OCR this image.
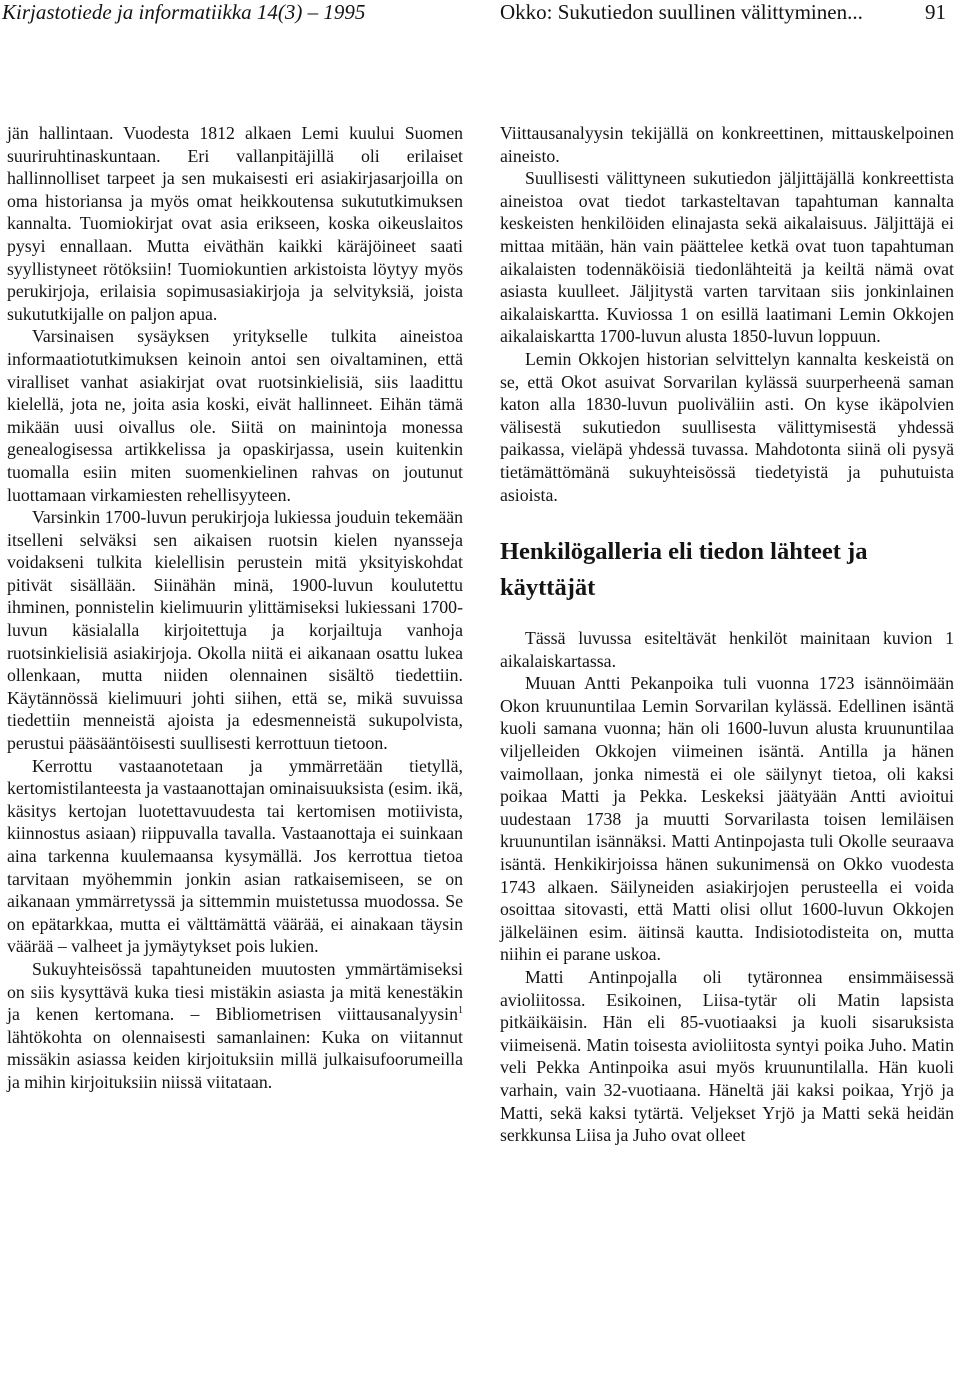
Kirjastotiede ja informatiikka 14(3) – 1995	Okko: Sukutiedon suullinen välittyminen...	91

jän hallintaan. Vuodesta 1812 alkaen Lemi kuului Suomen suuriruhtinaskuntaan. Eri vallanpitäjillä oli erilaiset hallinnolliset tarpeet ja sen mukaisesti eri asiakirjasarjoilla on oma historiansa ja myös omat heikkoutensa sukututkimuksen kannalta. Tuomiokirjat ovat asia erikseen, koska oikeuslaitos pysyi ennallaan. Mutta eiväthän kaikki käräjöineet saati syyllistyneet rötöksiin! Tuomiokuntien arkistoista löytyy myös perukirjoja, erilaisia sopimusasiakirjoja ja selvityksiä, joista sukututkijalle on paljon apua.

Varsinaisen sysäyksen yritykselle tulkita aineistoa informaatiotutkimuksen keinoin antoi sen oivaltaminen, että viralliset vanhat asiakirjat ovat ruotsinkielisiä, siis laadittu kielellä, jota ne, joita asia koski, eivät hallinneet. Eihän tämä mikään uusi oivallus ole. Siitä on mainintoja monessa genealogisessa artikkelissa ja opaskirjassa, usein kuitenkin tuomalla esiin miten suomenkielinen rahvas on joutunut luottamaan virkamiesten rehellisyyteen.

Varsinkin 1700-luvun perukirjoja lukiessa jouduin tekemään itselleni selväksi sen aikaisen ruotsin kielen nyansseja voidakseni tulkita kielellisin perustein mitä yksityiskohdat pitivät sisällään. Siinähän minä, 1900-luvun koulutettu ihminen, ponnistelin kielimuurin ylittämiseksi lukiessani 1700-luvun käsialalla kirjoitettuja ja korjailtuja vanhoja ruotsinkielisiä asiakirjoja. Okolla niitä ei aikanaan osattu lukea ollenkaan, mutta niiden olennainen sisältö tiedettiin. Käytännössä kielimuuri johti siihen, että se, mikä suvuissa tiedettiin menneistä ajoista ja edesmenneistä sukupolvista, perustui pääsääntöisesti suullisesti kerrottuun tietoon.

Kerrottu vastaanotetaan ja ymmärretään tietyllä, kertomistilanteesta ja vastaanottajan ominaisuuksista (esim. ikä, käsitys kertojan luotettavuudesta tai kertomisen motiivista, kiinnostus asiaan) riippuvalla tavalla. Vastaanottaja ei suinkaan aina tarkenna kuulemaansa kysymällä. Jos kerrottua tietoa tarvitaan myöhemmin jonkin asian ratkaisemiseen, se on aikanaan ymmärretyssä ja sittemmin muistetussa muodossa. Se on epätarkkaa, mutta ei välttämättä väärää, ei ainakaan täysin väärää – valheet ja jymäytykset pois lukien.

Sukuyhteisössä tapahtuneiden muutosten ymmärtämiseksi on siis kysyttävä kuka tiesi mistäkin asiasta ja mitä kenestäkin ja kenen kertomana. – Bibliometrisen viittausanalyysin$^1$ lähtökohta on olennaisesti samanlainen: Kuka on viitannut missäkin asiassa keiden kirjoituksiin millä julkaisufoorumeilla ja mihin kirjoituksiin niissä viitataan.

Viittausanalyysin tekijällä on konkreettinen, mittauskelpoinen aineisto.

Suullisesti välittyneen sukutiedon jäljittäjällä konkreettista aineistoa ovat tiedot tarkasteltavan tapahtuman kannalta keskeisten henkilöiden elinajasta sekä aikalaisuus. Jäljittäjä ei mittaa mitään, hän vain päättelee ketkä ovat tuon tapahtuman aikalaisten todennäköisiä tiedonlähteitä ja keiltä nämä ovat asiasta kuulleet. Jäljitystä varten tarvitaan siis jonkinlainen aikalaiskartta. Kuviossa 1 on esillä laatimani Lemin Okkojen aikalaiskartta 1700-luvun alusta 1850-luvun loppuun.

Lemin Okkojen historian selvittelyn kannalta keskeistä on se, että Okot asuivat Sorvarilan kylässä suurperheenä saman katon alla 1830-luvun puoliväliin asti. On kyse ikäpolvien välisestä sukutiedon suullisesta välittymisestä yhdessä paikassa, vieläpä yhdessä tuvassa. Mahdotonta siinä oli pysyä tietämättömänä sukuyhteisössä tiedetyistä ja puhutuista asioista.

Henkilögalleria eli tiedon lähteet ja käyttäjät

Tässä luvussa esiteltävät henkilöt mainitaan kuvion 1 aikalaiskartassa.

Muuan Antti Pekanpoika tuli vuonna 1723 isännöimään Okon kruununtilaa Lemin Sorvarilan kylässä. Edellinen isäntä kuoli samana vuonna; hän oli 1600-luvun alusta kruununtilaa viljelleiden Okkojen viimeinen isäntä. Antilla ja hänen vaimollaan, jonka nimestä ei ole säilynyt tietoa, oli kaksi poikaa Matti ja Pekka. Leskeksi jäätyään Antti avioitui uudestaan 1738 ja muutti Sorvarilasta toisen lemiläisen kruununtilan isännäksi. Matti Antinpojasta tuli Okolle seuraava isäntä. Henkikirjoissa hänen sukunimensä on Okko vuodesta 1743 alkaen. Säilyneiden asiakirjojen perusteella ei voida osoittaa sitovasti, että Matti olisi ollut 1600-luvun Okkojen jälkeläinen esim. äitinsä kautta. Indisiotodisteita on, mutta niihin ei parane uskoa.

Matti Antinpojalla oli tytäronnea ensimmäisessä avioliitossa. Esikoinen, Liisa-tytär oli Matin lapsista pitkäikäisin. Hän eli 85-vuotiaaksi ja kuoli sisaruksista viimeisenä. Matin toisesta avioliitosta syntyi poika Juho. Matin veli Pekka Antinpoika asui myös kruununtilalla. Hän kuoli varhain, vain 32-vuotiaana. Häneltä jäi kaksi poikaa, Yrjö ja Matti, sekä kaksi tytärtä. Veljekset Yrjö ja Matti sekä heidän serkkunsa Liisa ja Juho ovat olleet
